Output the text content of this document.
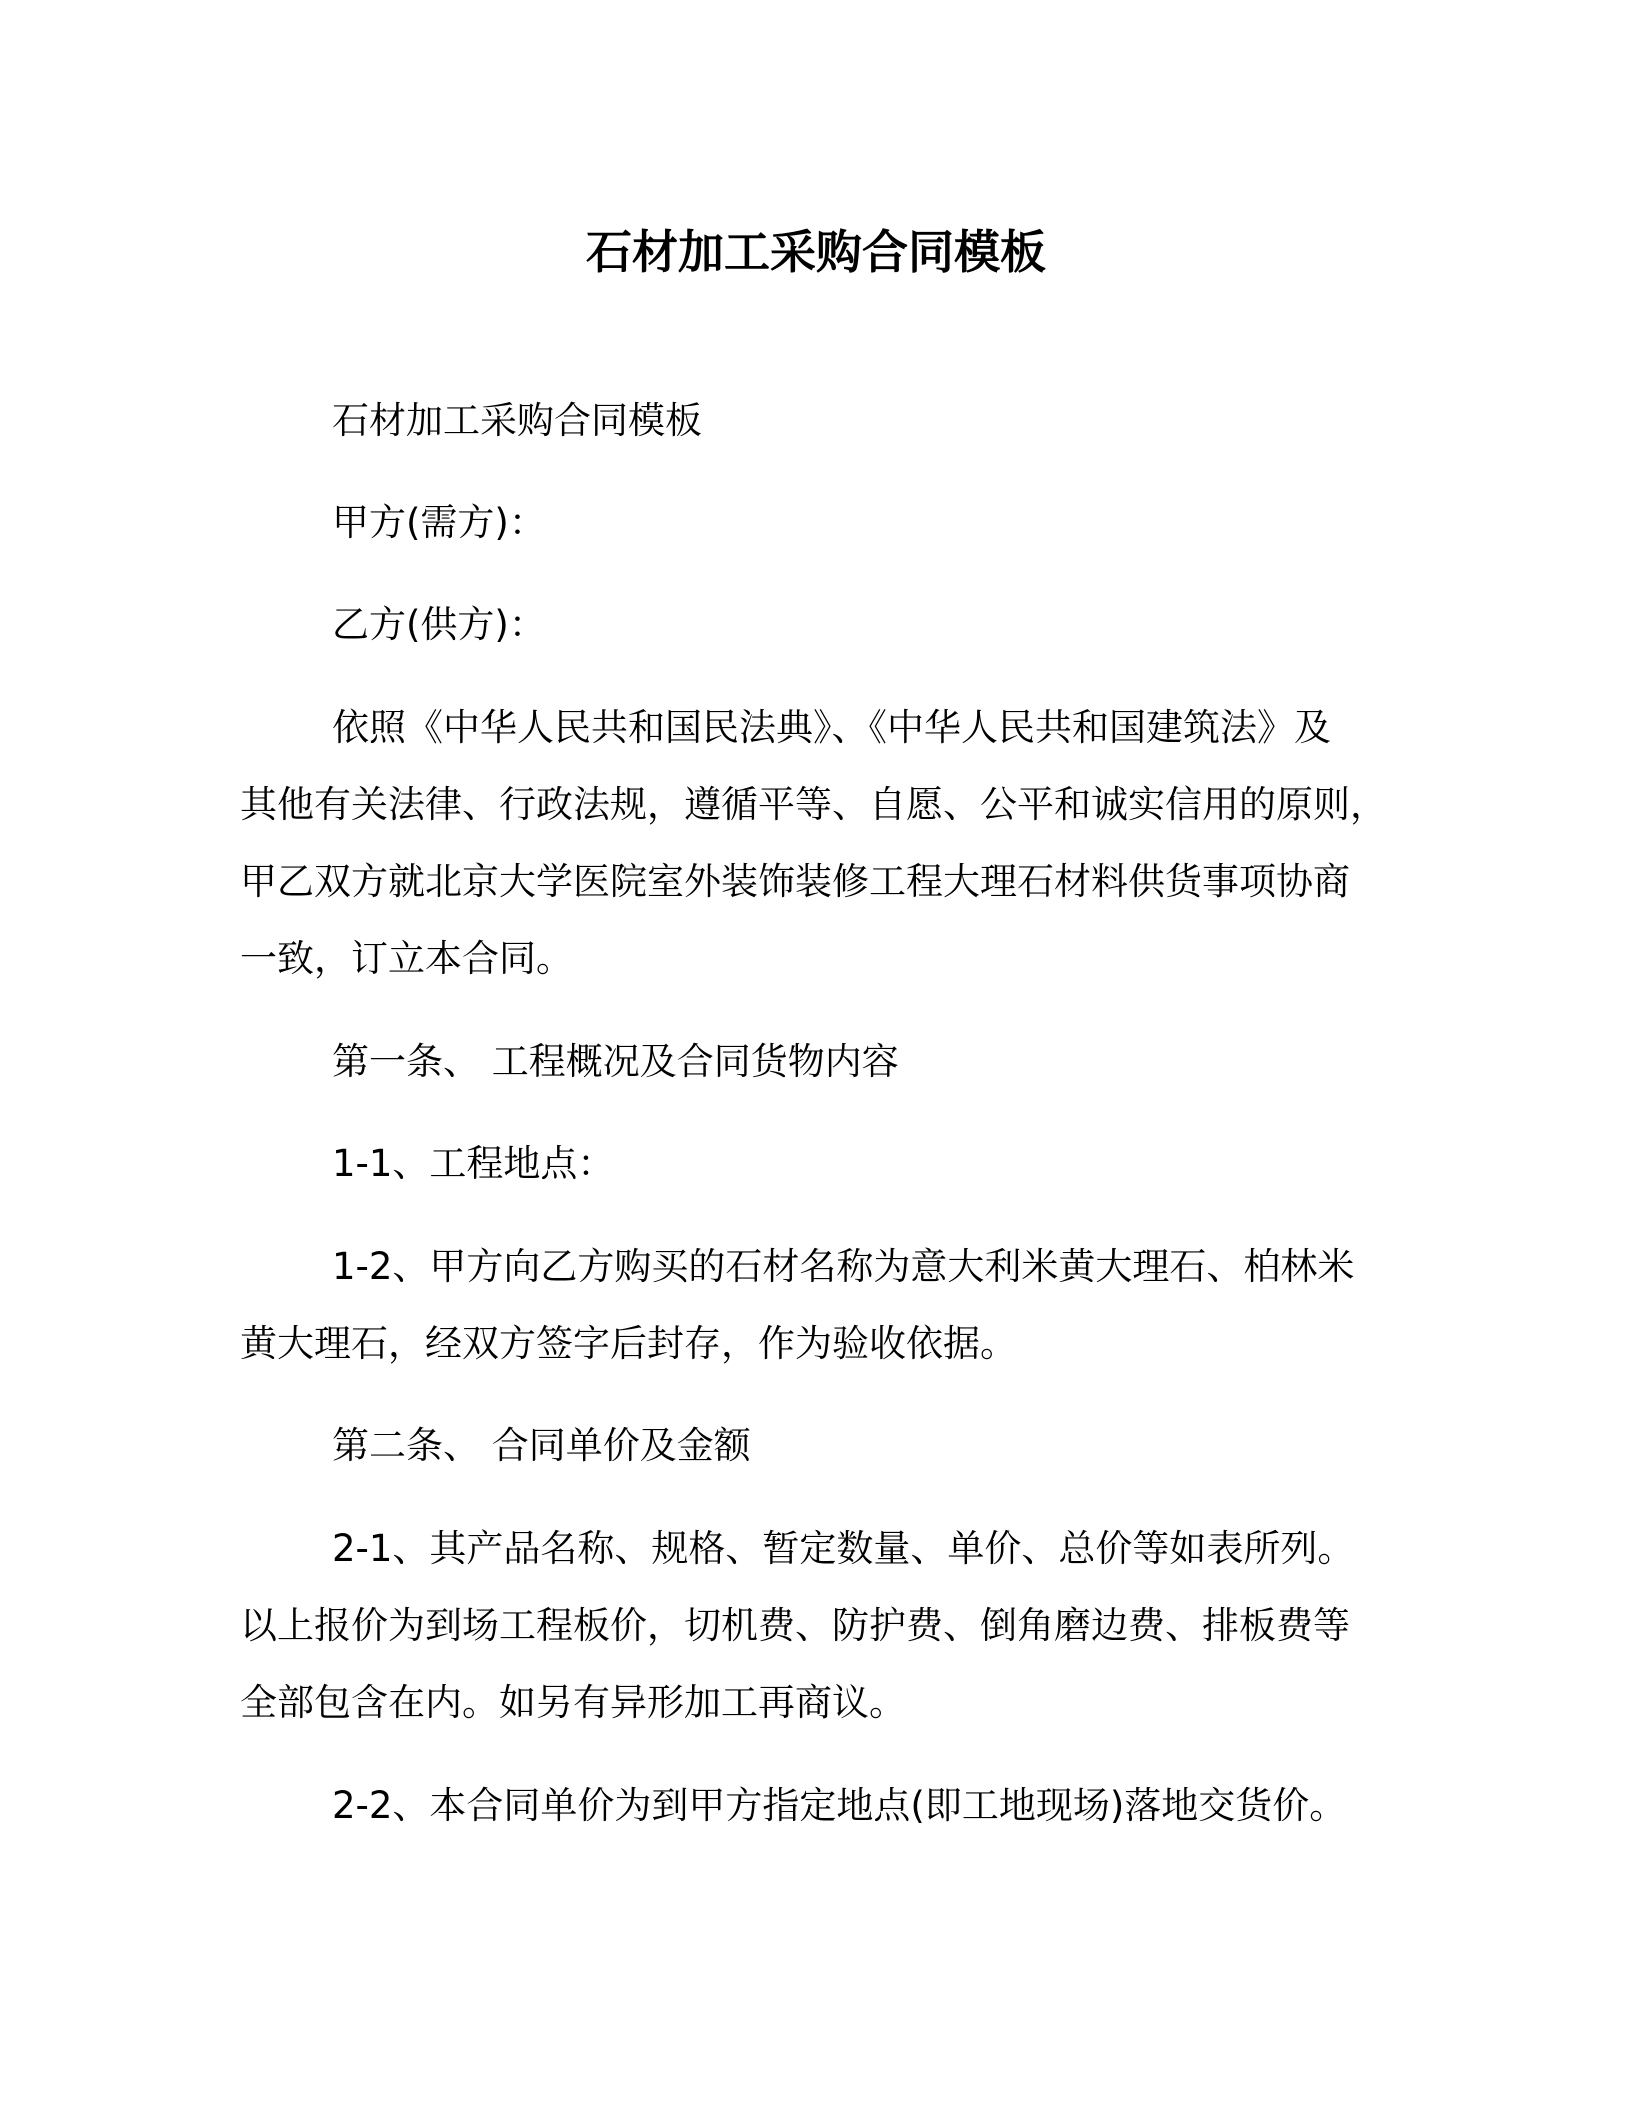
石材加工采购合同模板
石材加工采购合同模板
甲方(需方)：
乙方(供方)：
依照《中华人民共和国民法典》、《中华人民共和国建筑法》及
其他有关法律、行政法规，遵循平等、自愿、公平和诚实信用的原则，
甲乙双方就北京大学医院室外装饰装修工程大理石材料供货事项协商
一致，订立本合同。
第一条、 工程概况及合同货物内容
1-1、工程地点：
1-2、甲方向乙方购买的石材名称为意大利米黄大理石、柏林米
黄大理石，经双方签字后封存，作为验收依据。
第二条、 合同单价及金额
2-1、其产品名称、规格、暂定数量、单价、总价等如表所列。
以上报价为到场工程板价，切机费、防护费、倒角磨边费、排板费等
全部包含在内。如另有异形加工再商议。
2-2、本合同单价为到甲方指定地点(即工地现场)落地交货价。
